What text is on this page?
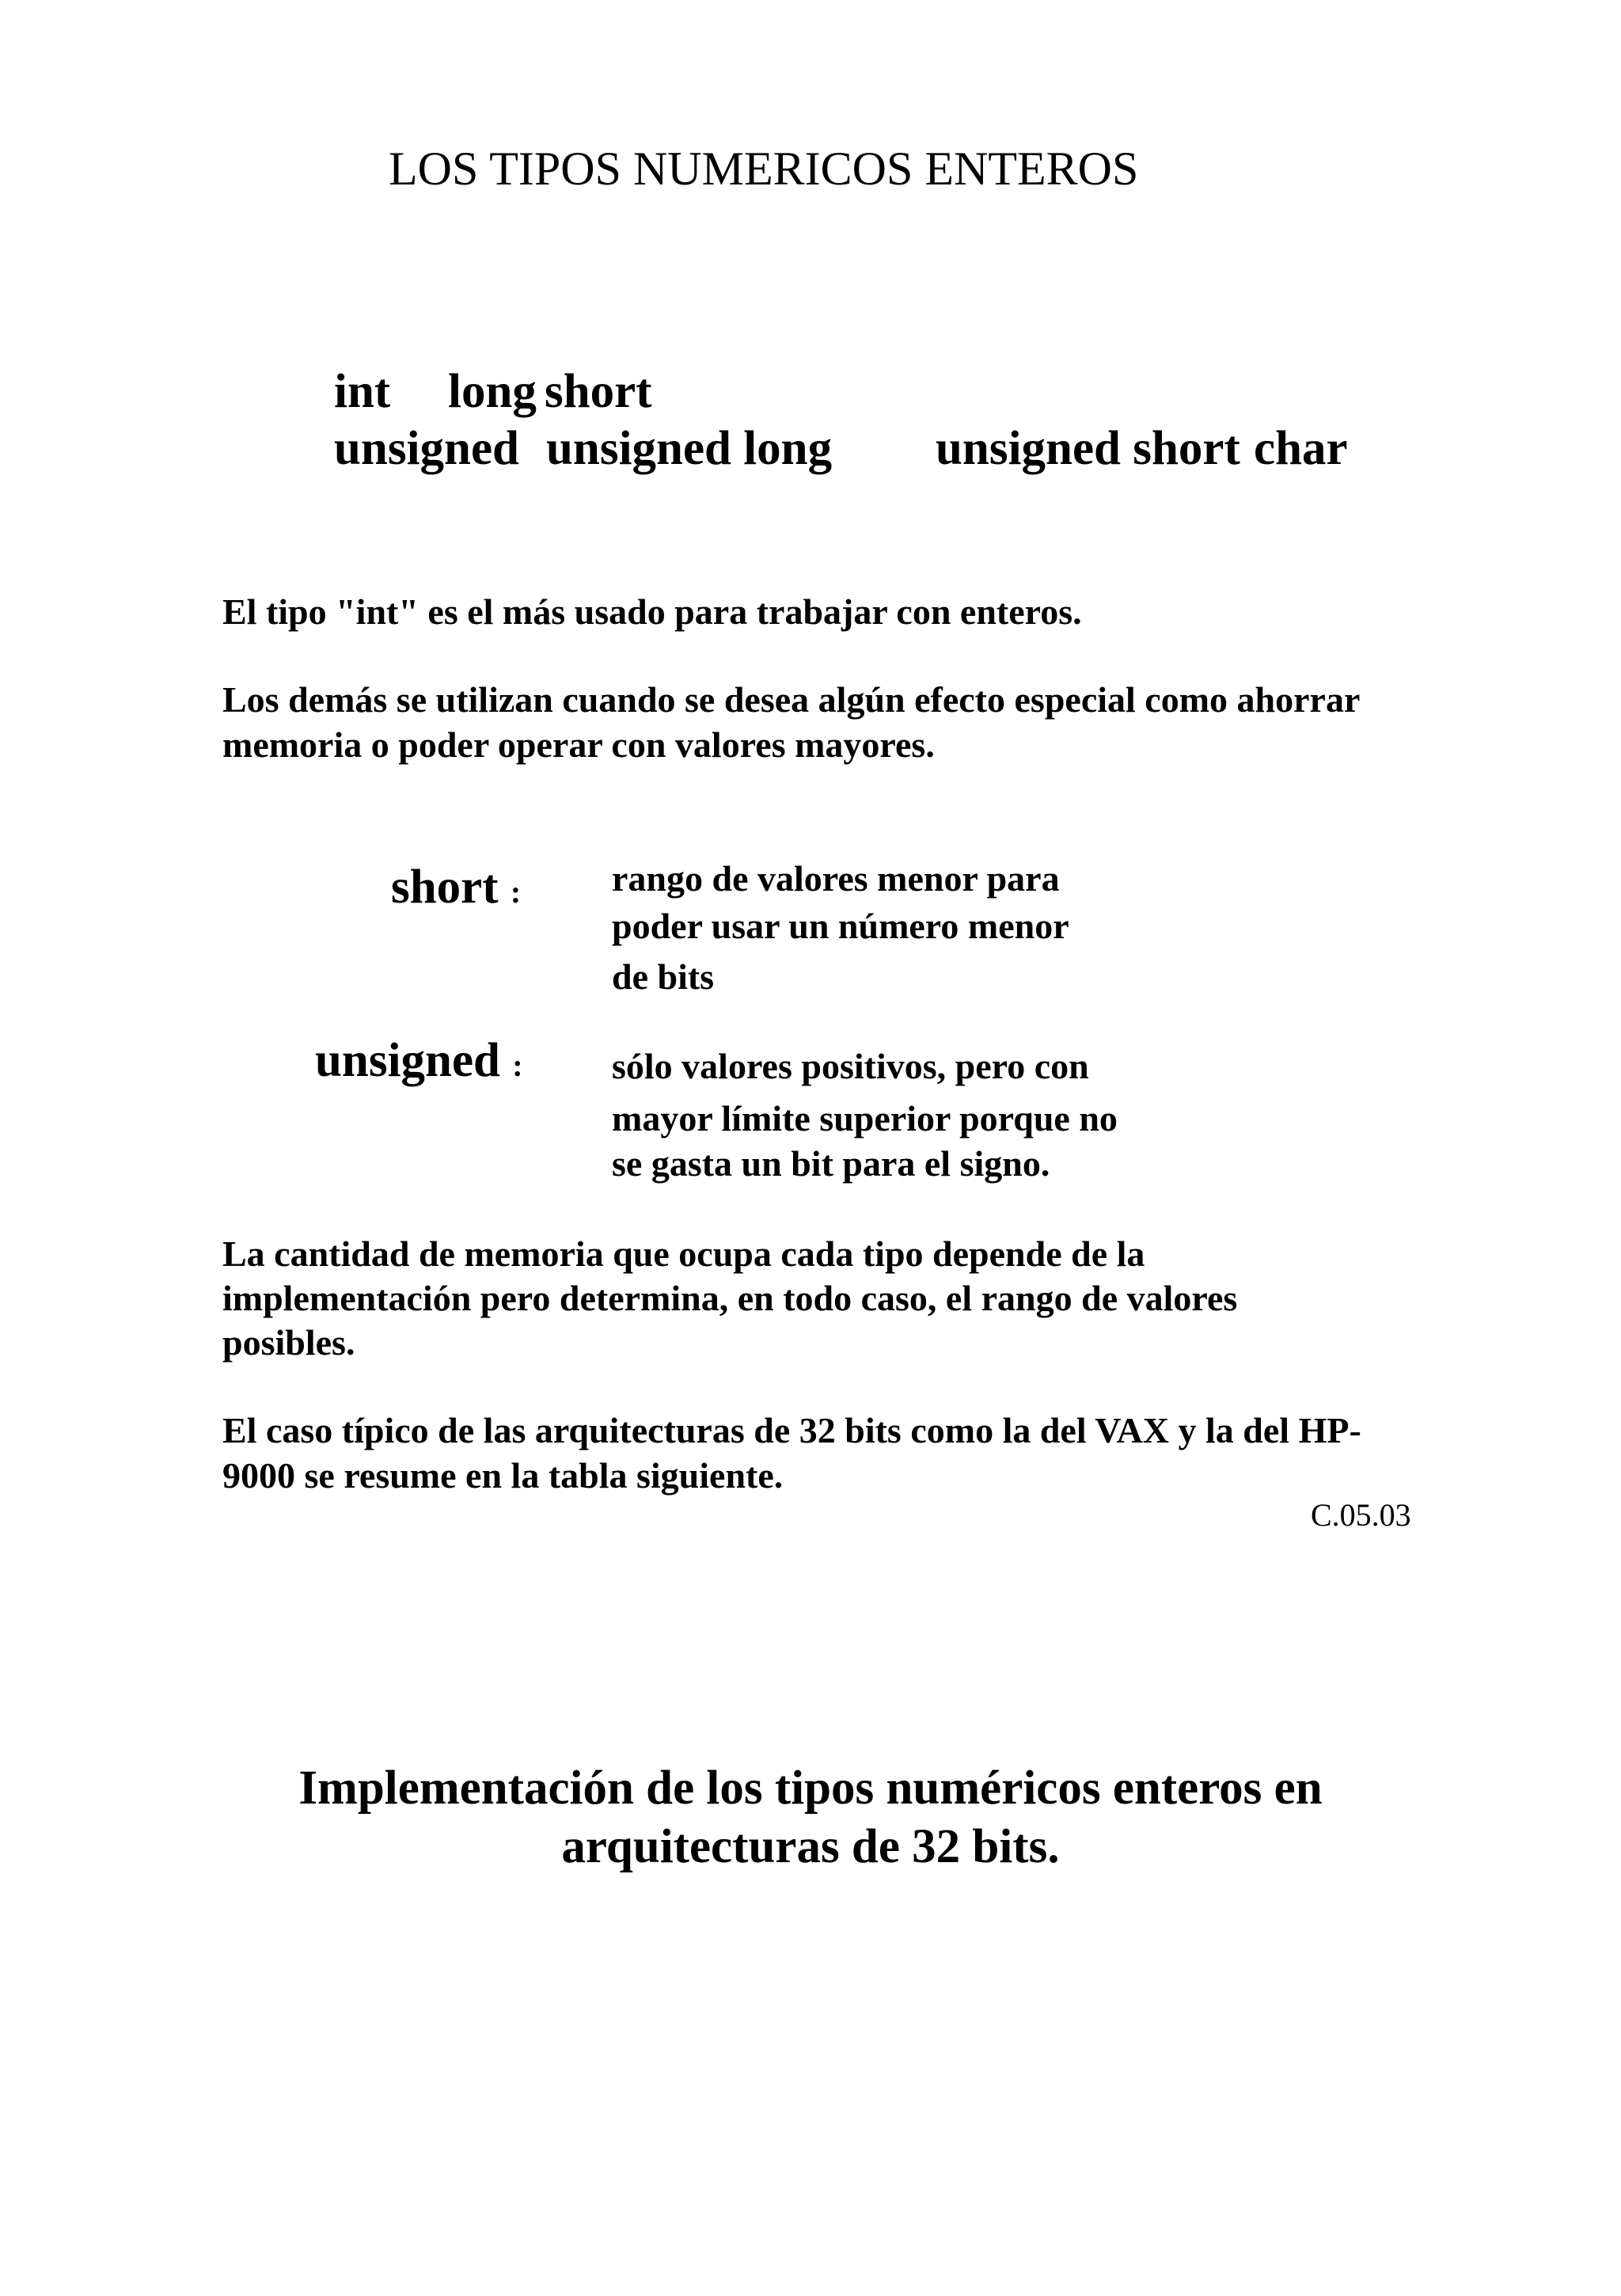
LOS TIPOS NUMERICOS ENTEROS
int long short
unsigned unsigned long unsigned short char
El tipo "int" es el más usado para trabajar con enteros.
Los demás se utilizan cuando se desea algún efecto especial como ahorrar
memoria o poder operar con valores mayores.
short : rango de valores menor para
poder usar un número menor
de bits
unsigned : sólo valores positivos, pero con
mayor límite superior porque no
se gasta un bit para el signo.
La cantidad de memoria que ocupa cada tipo depende de la
implementación pero determina, en todo caso, el rango de valores
posibles.
El caso típico de las arquitecturas de 32 bits como la del VAX y la del HP-
9000 se resume en la tabla siguiente.
C.05.03
Implementación de los tipos numéricos enteros en
arquitecturas de 32 bits.
